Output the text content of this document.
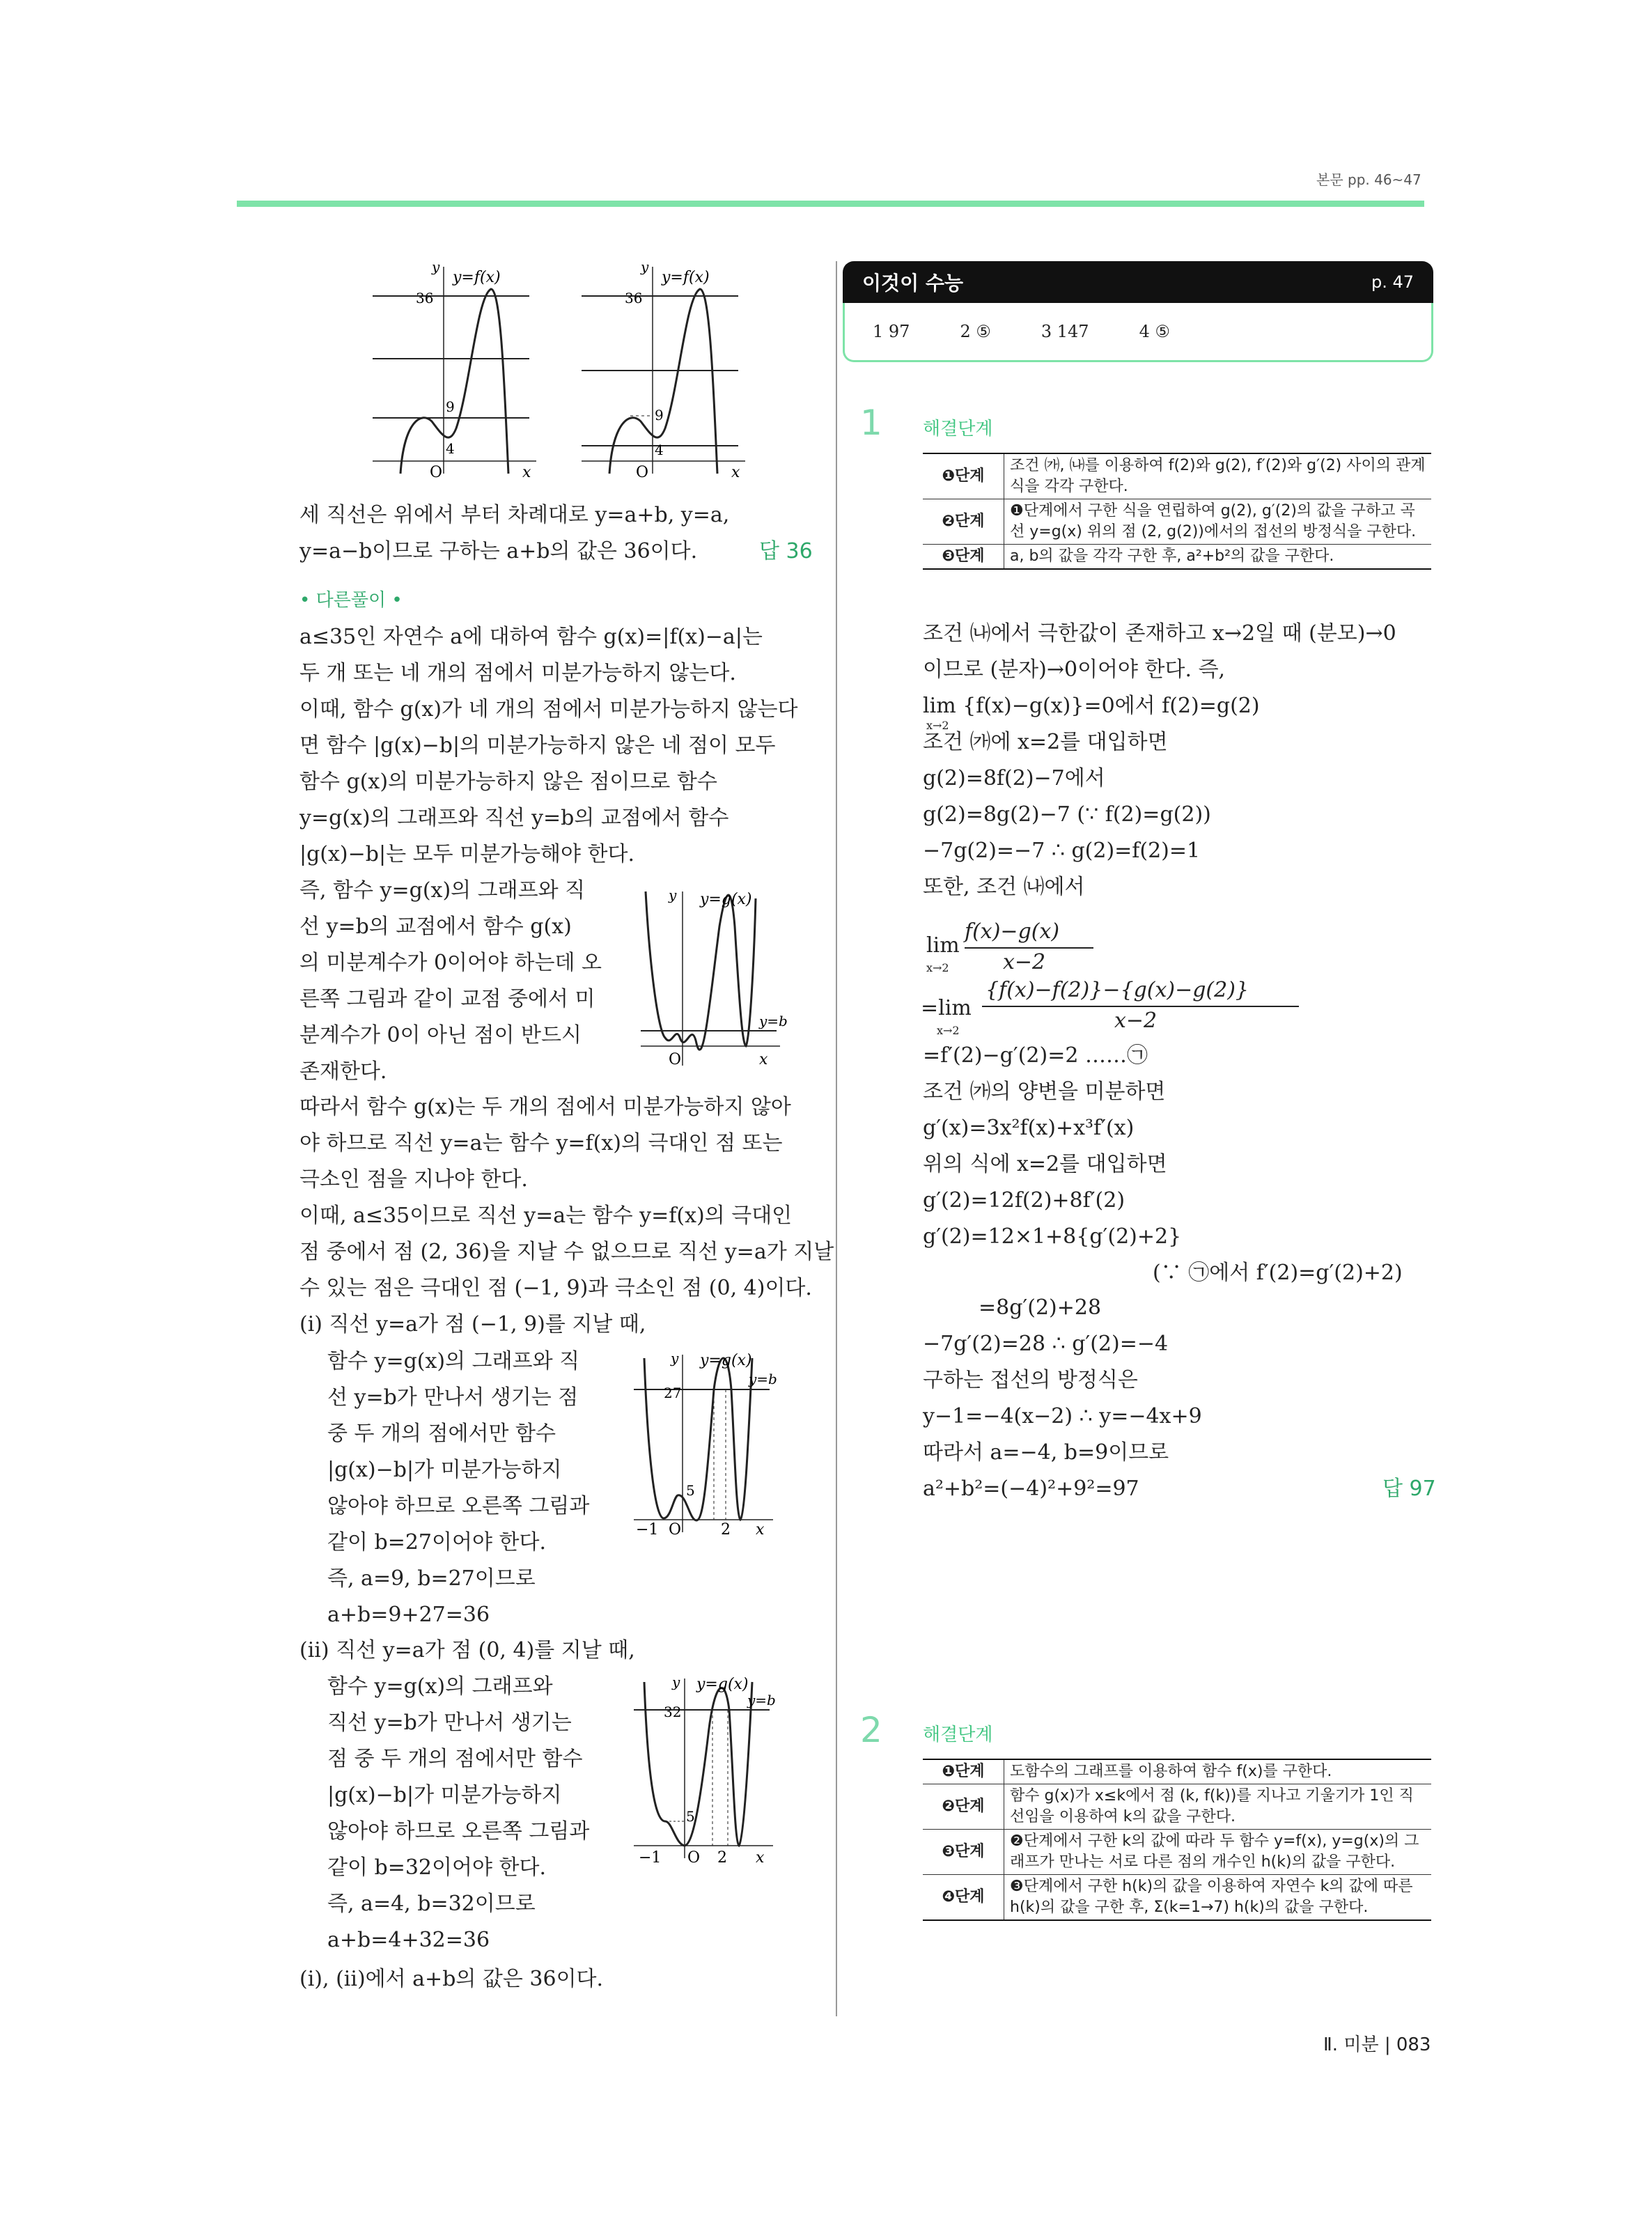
본문 pp. 46~47
y
y=f(x)
36
9
4
O	x
y
y=f(x)
36
9
4
O	x
세 직선은 위에서 부터 차례대로 y=a+b, y=a,
y=a−b이므로 구하는 a+b의 값은 36이다.	답 36
• 다른풀이 •
a≤35인 자연수 a에 대하여 함수 g(x)=|f(x)−a|는
두 개 또는 네 개의 점에서 미분가능하지 않는다.
이때, 함수 g(x)가 네 개의 점에서 미분가능하지 않는다
면 함수 |g(x)−b|의 미분가능하지 않은 네 점이 모두
함수 g(x)의 미분가능하지 않은 점이므로 함수
y=g(x)의 그래프와 직선 y=b의 교점에서 함수
|g(x)−b|는 모두 미분가능해야 한다.
즉, 함수 y=g(x)의 그래프와 직
선 y=b의 교점에서 함수 g(x)
의 미분계수가 0이어야 하는데 오
른쪽 그림과 같이 교점 중에서 미
분계수가 0이 아닌 점이 반드시
존재한다.
y y=g(x)
y=b
O	x
따라서 함수 g(x)는 두 개의 점에서 미분가능하지 않아
야 하므로 직선 y=a는 함수 y=f(x)의 극대인 점 또는
극소인 점을 지나야 한다.
이때, a≤35이므로 직선 y=a는 함수 y=f(x)의 극대인
점 중에서 점 (2, 36)을 지날 수 없으므로 직선 y=a가 지날
수 있는 점은 극대인 점 (−1, 9)과 극소인 점 (0, 4)이다.
(i) 직선 y=a가 점 (−1, 9)를 지날 때,
함수 y=g(x)의 그래프와 직
선 y=b가 만나서 생기는 점
중 두 개의 점에서만 함수
|g(x)−b|가 미분가능하지
않아야 하므로 오른쪽 그림과
같이 b=27이어야 한다.
즉, a=9, b=27이므로
a+b=9+27=36
y y=g(x)
y=b
27
5
−1 O	2 x
(ii) 직선 y=a가 점 (0, 4)를 지날 때,
함수 y=g(x)의 그래프와
직선 y=b가 만나서 생기는
점 중 두 개의 점에서만 함수
|g(x)−b|가 미분가능하지
않아야 하므로 오른쪽 그림과
같이 b=32이어야 한다.
즉, a=4, b=32이므로
a+b=4+32=36
y y=g(x)
y=b
32
5
−1 O 2 x
(i), (ii)에서 a+b의 값은 36이다.
이것이 수능	p. 47
1 97	2 ⑤	3 147	4 ⑤
1 해결단계
❶단계	조건 ㈎, ㈏를 이용하여 f(2)와 g(2), f′(2)와 g′(2) 사이의 관계식을 각각 구한다.
❷단계	❶단계에서 구한 식을 연립하여 g(2), g′(2)의 값을 구하고 곡선 y=g(x) 위의 점 (2, g(2))에서의 접선의 방정식을 구한다.
❸단계	a, b의 값을 각각 구한 후, a²+b²의 값을 구한다.
조건 ㈏에서 극한값이 존재하고 x→2일 때 (분모)→0
이므로 (분자)→0이어야 한다. 즉,
lim {f(x)−g(x)}=0에서 f(2)=g(2)
조건 ㈎에 x=2를 대입하면
g(2)=8f(2)−7에서
g(2)=8g(2)−7 (∵ f(2)=g(2))
−7g(2)=−7 ∴ g(2)=f(2)=1
또한, 조건 ㈏에서
x→2
lim
x→2
f(x)−g(x)
x−2
=lim
x→2
{f(x)−f(2)}−{g(x)−g(2)}
x−2
=f′(2)−g′(2)=2 ……㉠
조건 ㈎의 양변을 미분하면
g′(x)=3x²f(x)+x³f′(x)
위의 식에 x=2를 대입하면
g′(2)=12f(2)+8f′(2)
g′(2)=12×1+8{g′(2)+2}
(∵ ㉠에서 f′(2)=g′(2)+2)
=8g′(2)+28
−7g′(2)=28 ∴ g′(2)=−4
구하는 접선의 방정식은
y−1=−4(x−2) ∴ y=−4x+9
따라서 a=−4, b=9이므로
a²+b²=(−4)²+9²=97	답 97
2 해결단계
❶단계	도함수의 그래프를 이용하여 함수 f(x)를 구한다.
❷단계	함수 g(x)가 x≤k에서 점 (k, f(k))를 지나고 기울기가 1인 직선임을 이용하여 k의 값을 구한다.
❸단계	❷단계에서 구한 k의 값에 따라 두 함수 y=f(x), y=g(x)의 그래프가 만나는 서로 다른 점의 개수인 h(k)의 값을 구한다.
❹단계	❸단계에서 구한 h(k)의 값을 이용하여 자연수 k의 값에 따른 h(k)의 값을 구한 후, Σ(k=1→7) h(k)의 값을 구한다.
Ⅱ. 미분 | 083
